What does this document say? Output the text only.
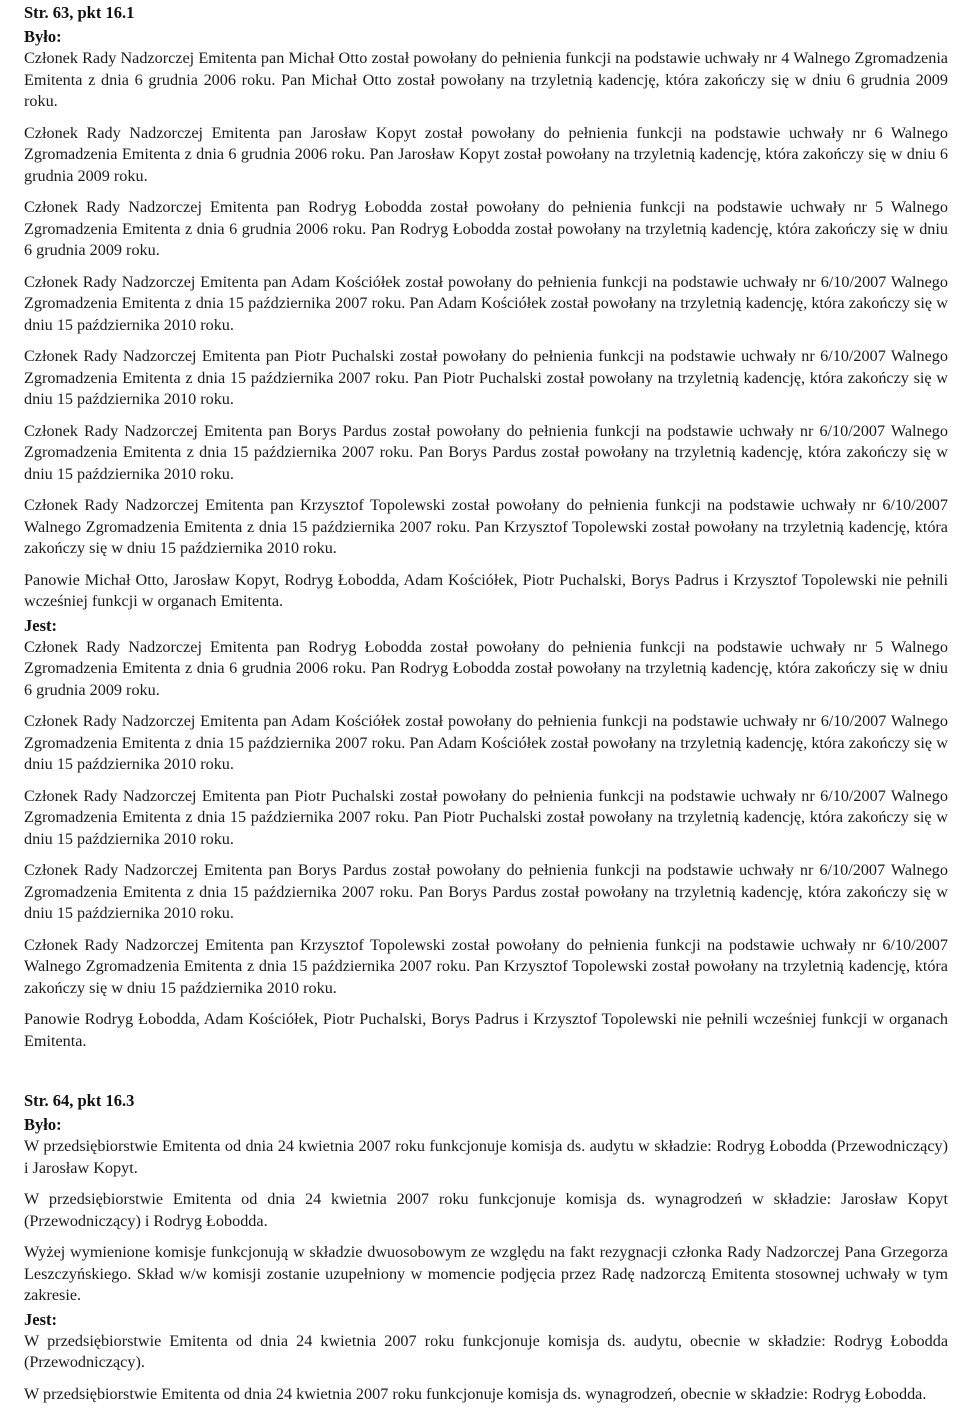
Str. 63, pkt 16.1
Było:

Członek Rady Nadzorczej Emitenta pan Michał Otto został powołany do pełnienia funkcji na podstawie uchwały nr 4 Walnego Zgromadzenia Emitenta z dnia 6 grudnia 2006 roku. Pan Michał Otto został powołany na trzyletnią kadencję, która zakończy się w dniu 6 grudnia 2009 roku.

Członek Rady Nadzorczej Emitenta pan Jarosław Kopyt został powołany do pełnienia funkcji na podstawie uchwały nr 6 Walnego Zgromadzenia Emitenta z dnia 6 grudnia 2006 roku. Pan Jarosław Kopyt został powołany na trzyletnią kadencję, która zakończy się w dniu 6 grudnia 2009 roku.

Członek Rady Nadzorczej Emitenta pan Rodryg Łobodda został powołany do pełnienia funkcji na podstawie uchwały nr 5 Walnego Zgromadzenia Emitenta z dnia 6 grudnia 2006 roku. Pan Rodryg Łobodda został powołany na trzyletnią kadencję, która zakończy się w dniu 6 grudnia 2009 roku.

Członek Rady Nadzorczej Emitenta pan Adam Kościółek został powołany do pełnienia funkcji na podstawie uchwały nr 6/10/2007 Walnego Zgromadzenia Emitenta z dnia 15 października 2007 roku. Pan Adam Kościółek został powołany na trzyletnią kadencję, która zakończy się w dniu 15 października 2010 roku.

Członek Rady Nadzorczej Emitenta pan Piotr Puchalski został powołany do pełnienia funkcji na podstawie uchwały nr 6/10/2007 Walnego Zgromadzenia Emitenta z dnia 15 października 2007 roku. Pan Piotr Puchalski został powołany na trzyletnią kadencję, która zakończy się w dniu 15 października 2010 roku.

Członek Rady Nadzorczej Emitenta pan Borys Pardus został powołany do pełnienia funkcji na podstawie uchwały nr 6/10/2007 Walnego Zgromadzenia Emitenta z dnia 15 października 2007 roku. Pan Borys Pardus został powołany na trzyletnią kadencję, która zakończy się w dniu 15 października 2010 roku.

Członek Rady Nadzorczej Emitenta pan Krzysztof Topolewski został powołany do pełnienia funkcji na podstawie uchwały nr 6/10/2007 Walnego Zgromadzenia Emitenta z dnia 15 października 2007 roku. Pan Krzysztof Topolewski został powołany na trzyletnią kadencję, która zakończy się w dniu 15 października 2010 roku.

Panowie Michał Otto, Jarosław Kopyt, Rodryg Łobodda, Adam Kościółek, Piotr Puchalski, Borys Padrus i Krzysztof Topolewski nie pełnili wcześniej funkcji w organach Emitenta.

Jest:

Członek Rady Nadzorczej Emitenta pan Rodryg Łobodda został powołany do pełnienia funkcji na podstawie uchwały nr 5 Walnego Zgromadzenia Emitenta z dnia 6 grudnia 2006 roku. Pan Rodryg Łobodda został powołany na trzyletnią kadencję, która zakończy się w dniu 6 grudnia 2009 roku.

Członek Rady Nadzorczej Emitenta pan Adam Kościółek został powołany do pełnienia funkcji na podstawie uchwały nr 6/10/2007 Walnego Zgromadzenia Emitenta z dnia 15 października 2007 roku. Pan Adam Kościółek został powołany na trzyletnią kadencję, która zakończy się w dniu 15 października 2010 roku.

Członek Rady Nadzorczej Emitenta pan Piotr Puchalski został powołany do pełnienia funkcji na podstawie uchwały nr 6/10/2007 Walnego Zgromadzenia Emitenta z dnia 15 października 2007 roku. Pan Piotr Puchalski został powołany na trzyletnią kadencję, która zakończy się w dniu 15 października 2010 roku.

Członek Rady Nadzorczej Emitenta pan Borys Pardus został powołany do pełnienia funkcji na podstawie uchwały nr 6/10/2007 Walnego Zgromadzenia Emitenta z dnia 15 października 2007 roku. Pan Borys Pardus został powołany na trzyletnią kadencję, która zakończy się w dniu 15 października 2010 roku.

Członek Rady Nadzorczej Emitenta pan Krzysztof Topolewski został powołany do pełnienia funkcji na podstawie uchwały nr 6/10/2007 Walnego Zgromadzenia Emitenta z dnia 15 października 2007 roku. Pan Krzysztof Topolewski został powołany na trzyletnią kadencję, która zakończy się w dniu 15 października 2010 roku.

Panowie Rodryg Łobodda, Adam Kościółek, Piotr Puchalski, Borys Padrus i Krzysztof Topolewski nie pełnili wcześniej funkcji w organach Emitenta.

Str. 64, pkt 16.3
Było:

W przedsiębiorstwie Emitenta od dnia 24 kwietnia 2007 roku funkcjonuje komisja ds. audytu w składzie: Rodryg Łobodda (Przewodniczący) i Jarosław Kopyt.

W przedsiębiorstwie Emitenta od dnia 24 kwietnia 2007 roku funkcjonuje komisja ds. wynagrodzeń w składzie: Jarosław Kopyt (Przewodniczący) i Rodryg Łobodda.

Wyżej wymienione komisje funkcjonują w składzie dwuosobowym ze względu na fakt rezygnacji członka Rady Nadzorczej Pana Grzegorza Leszczyńskiego. Skład w/w komisji zostanie uzupełniony w momencie podjęcia przez Radę nadzorczą Emitenta stosownej uchwały w tym zakresie.

Jest:

W przedsiębiorstwie Emitenta od dnia 24 kwietnia 2007 roku funkcjonuje komisja ds. audytu, obecnie w składzie: Rodryg Łobodda (Przewodniczący).

W przedsiębiorstwie Emitenta od dnia 24 kwietnia 2007 roku funkcjonuje komisja ds. wynagrodzeń, obecnie w składzie: Rodryg Łobodda.
